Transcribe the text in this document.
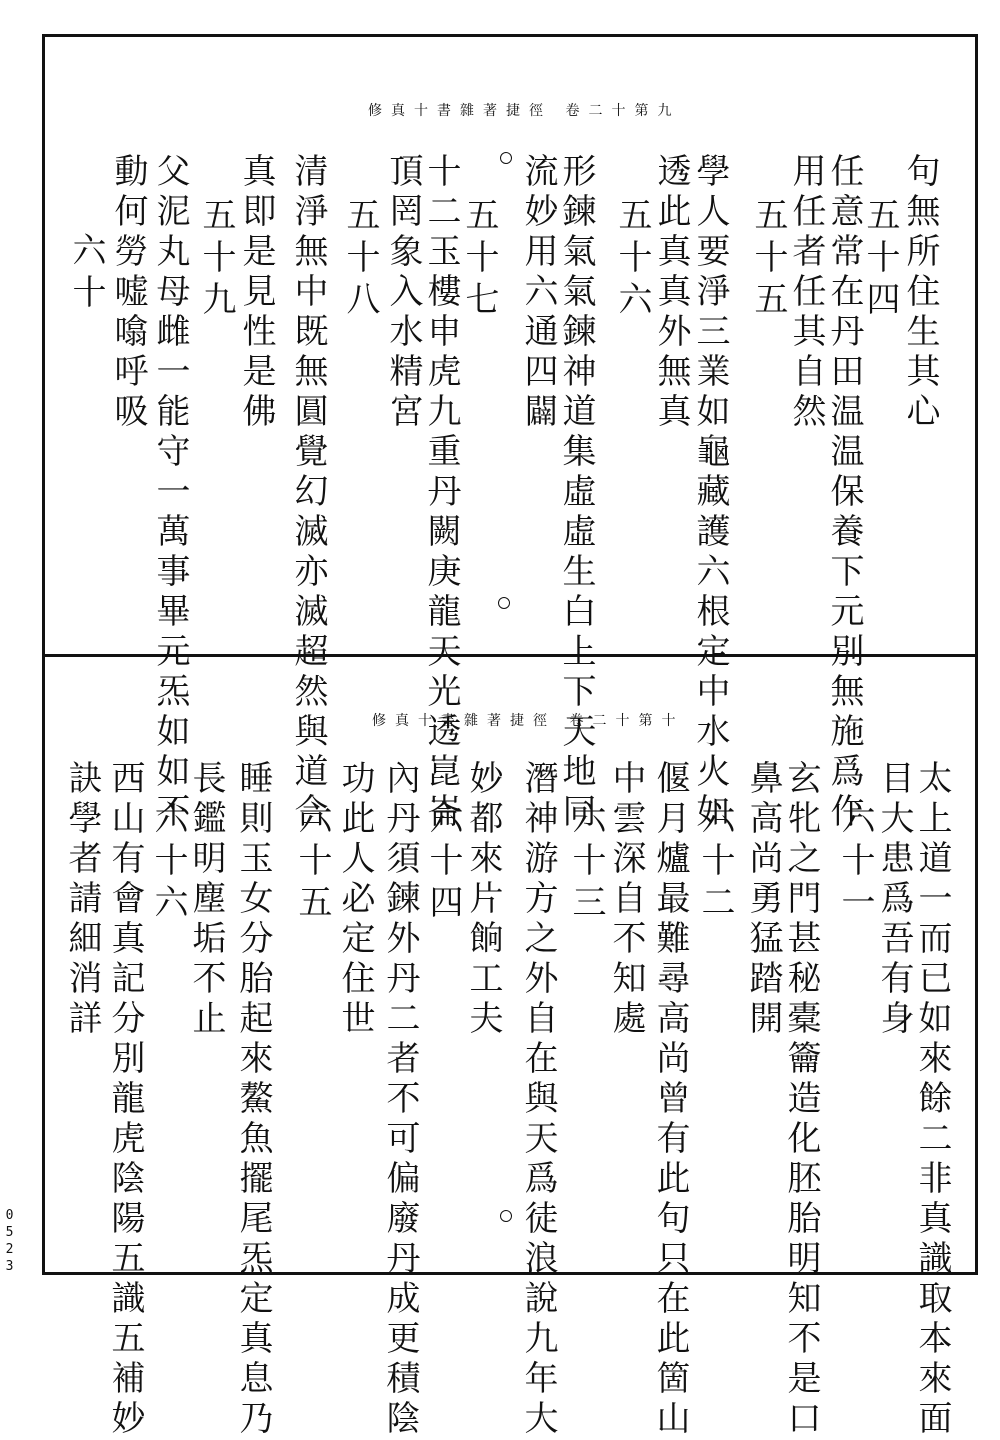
修真十書雜著捷徑 卷二十第九
句無所住生其心
五十四
任意常在丹田温温保養下元別無施爲作
用任者任其自然
五十五
學人要淨三業如龜藏護六根定中水火如
透此真真外無真
五十六
形鍊氣氣鍊神道集虛虛生白上下天地同
流妙用六通四闢
五十七
十二玉樓申虎九重丹闕庚龍天光透崑崙
頂罔象入水精宮
五十八
清淨無中既無圓覺幻滅亦滅超然與道合
真即是見性是佛
五十九
父泥丸母雌一能守一萬事畢元炁如如不
動何勞嘘噏呼吸
六十
修真十書雜著捷徑 卷二十第十
太上道一而已如來餘二非真識取本來面
目大患爲吾有身
六十一
玄牝之門甚秘橐籥造化胚胎明知不是口
鼻高尚勇猛踏開
六十二
偃月爐最難尋高尚曾有此句只在此箇山
中雲深自不知處
六十三
潛神游方之外自在與天爲徒浪說九年大
妙都來片餉工夫
六十四
內丹須鍊外丹二者不可偏廢丹成更積陰
功此人必定住世
六十五
睡則玉女分胎起來鰲魚擺尾炁定真息乃
長鑑明塵垢不止
六十六
西山有會真記分別龍虎陰陽五識五補妙
訣學者請細消詳
0523
